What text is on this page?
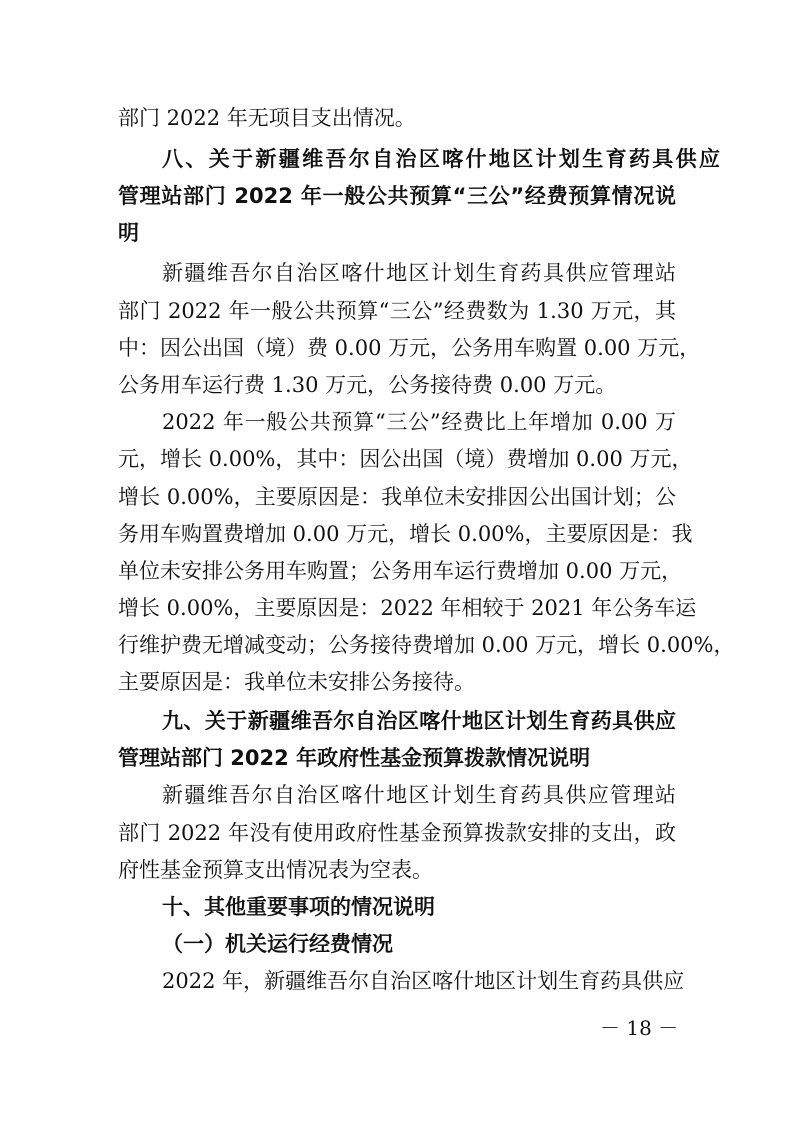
部门 2022 年无项目支出情况。
八、关于新疆维吾尔自治区喀什地区计划生育药具供应
管理站部门 2022 年一般公共预算“三公”经费预算情况说
明
新疆维吾尔自治区喀什地区计划生育药具供应管理站
部门 2022 年一般公共预算“三公”经费数为 1.30 万元，其
中：因公出国（境）费 0.00 万元，公务用车购置 0.00 万元，
公务用车运行费 1.30 万元，公务接待费 0.00 万元。
2022 年一般公共预算“三公”经费比上年增加 0.00 万
元，增长 0.00%，其中：因公出国（境）费增加 0.00 万元，
增长 0.00%，主要原因是：我单位未安排因公出国计划；公
务用车购置费增加 0.00 万元，增长 0.00%，主要原因是：我
单位未安排公务用车购置；公务用车运行费增加 0.00 万元，
增长 0.00%，主要原因是：2022 年相较于 2021 年公务车运
行维护费无增减变动；公务接待费增加 0.00 万元，增长 0.00%，
主要原因是：我单位未安排公务接待。
九、关于新疆维吾尔自治区喀什地区计划生育药具供应
管理站部门 2022 年政府性基金预算拨款情况说明
新疆维吾尔自治区喀什地区计划生育药具供应管理站
部门 2022 年没有使用政府性基金预算拨款安排的支出，政
府性基金预算支出情况表为空表。
十、其他重要事项的情况说明
（一）机关运行经费情况
2022 年，新疆维吾尔自治区喀什地区计划生育药具供应
－ 18 －
